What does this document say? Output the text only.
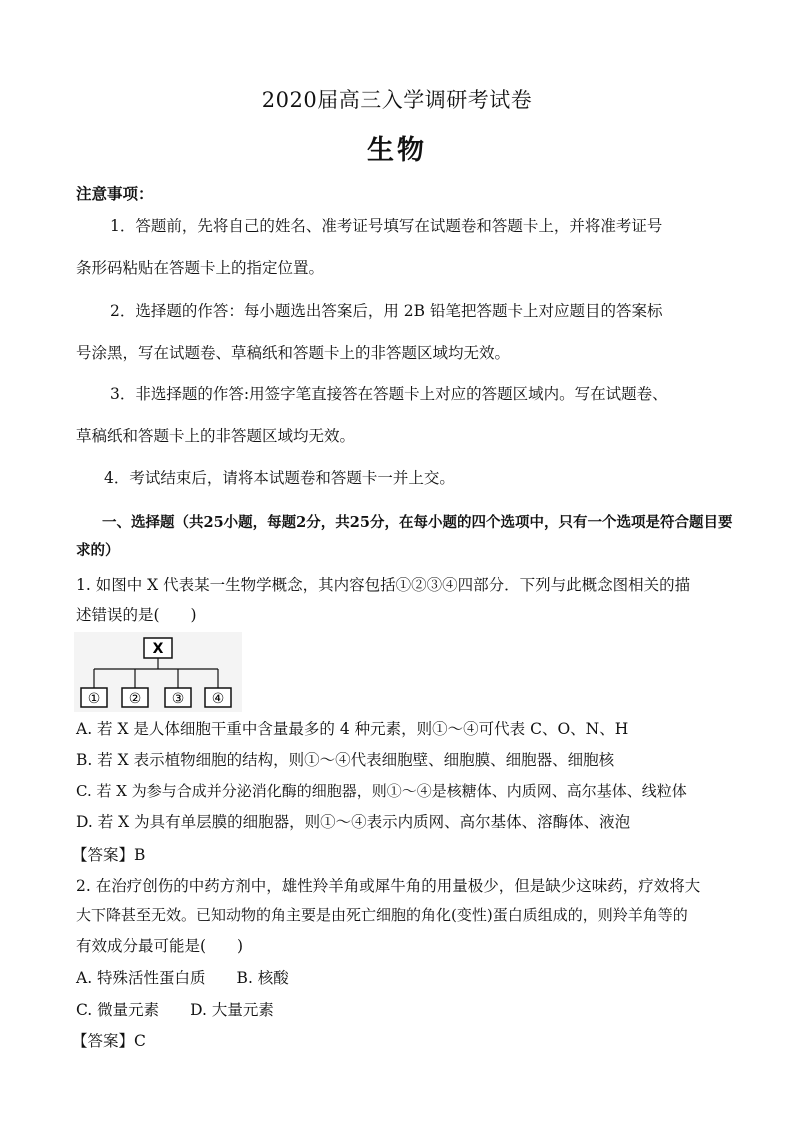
2020届高三入学调研考试卷
生物
注意事项：
1．答题前，先将自己的姓名、准考证号填写在试题卷和答题卡上，并将准考证号
条形码粘贴在答题卡上的指定位置。
2．选择题的作答：每小题选出答案后，用 2B 铅笔把答题卡上对应题目的答案标
号涂黑，写在试题卷、草稿纸和答题卡上的非答题区域均无效。
3．非选择题的作答:用签字笔直接答在答题卡上对应的答题区域内。写在试题卷、
草稿纸和答题卡上的非答题区域均无效。
4．考试结束后，请将本试题卷和答题卡一并上交。
一、选择题（共25小题，每题2分，共25分，在每小题的四个选项中，只有一个选项是符合题目要
求的）
1. 如图中 X 代表某一生物学概念，其内容包括①②③④四部分．下列与此概念图相关的描
述错误的是(　　)
X
① ② ③ ④
A. 若 X 是人体细胞干重中含量最多的 4 种元素，则①～④可代表 C、O、N、H
B. 若 X 表示植物细胞的结构，则①～④代表细胞壁、细胞膜、细胞器、细胞核
C. 若 X 为参与合成并分泌消化酶的细胞器，则①～④是核糖体、内质网、高尔基体、线粒体
D. 若 X 为具有单层膜的细胞器，则①～④表示内质网、高尔基体、溶酶体、液泡
【答案】B
2. 在治疗创伤的中药方剂中，雄性羚羊角或犀牛角的用量极少，但是缺少这味药，疗效将大
大下降甚至无效。已知动物的角主要是由死亡细胞的角化(变性)蛋白质组成的，则羚羊角等的
有效成分最可能是(　　)
A. 特殊活性蛋白质　　B. 核酸
C. 微量元素　　D. 大量元素
【答案】C
